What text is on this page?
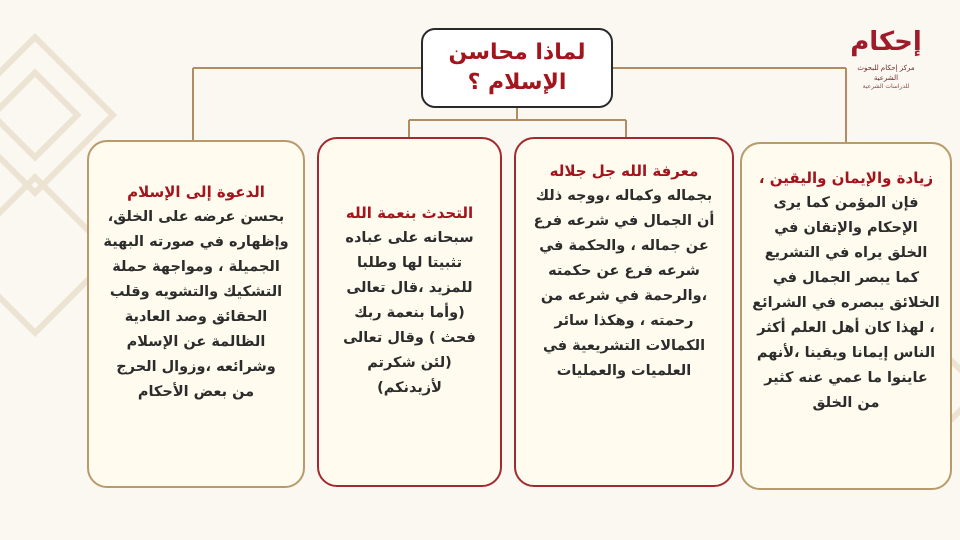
إحكام
مركز إحكام للبحوث الشرعية
للدراسات الشرعية
لماذا محاسن
الإسلام ؟
زيادة والإيمان واليقين ،
فإن المؤمن كما يرى الإحكام والإتقان في الخلق يراه في التشريع كما يبصر الجمال في الخلائق يبصره في الشرائع ، لهذا كان أهل العلم أكثر الناس إيمانا ويقينا ،لأنهم عاينوا ما عمي عنه كثير من الخلق
معرفة الله جل جلاله
بجماله وكماله ،ووجه ذلك أن الجمال في شرعه فرع عن جماله ، والحكمة في شرعه فرع عن حكمته ،والرحمة في شرعه من رحمته ، وهكذا سائر الكمالات التشريعية في العلميات والعمليات
التحدث بنعمة الله
سبحانه على عباده تثبيتا لها وطلبا للمزيد ،قال تعالى (وأما بنعمة ربك فحث ) وقال تعالى (لئن شكرتم لأزيدنكم)
الدعوة إلى الإسلام
بحسن عرضه على الخلق، وإظهاره في صورته البهية الجميلة ، ومواجهة حملة التشكيك والتشويه وقلب الحقائق وصد العادية الظالمة عن الإسلام وشرائعه ،وزوال الحرج من بعض الأحكام
